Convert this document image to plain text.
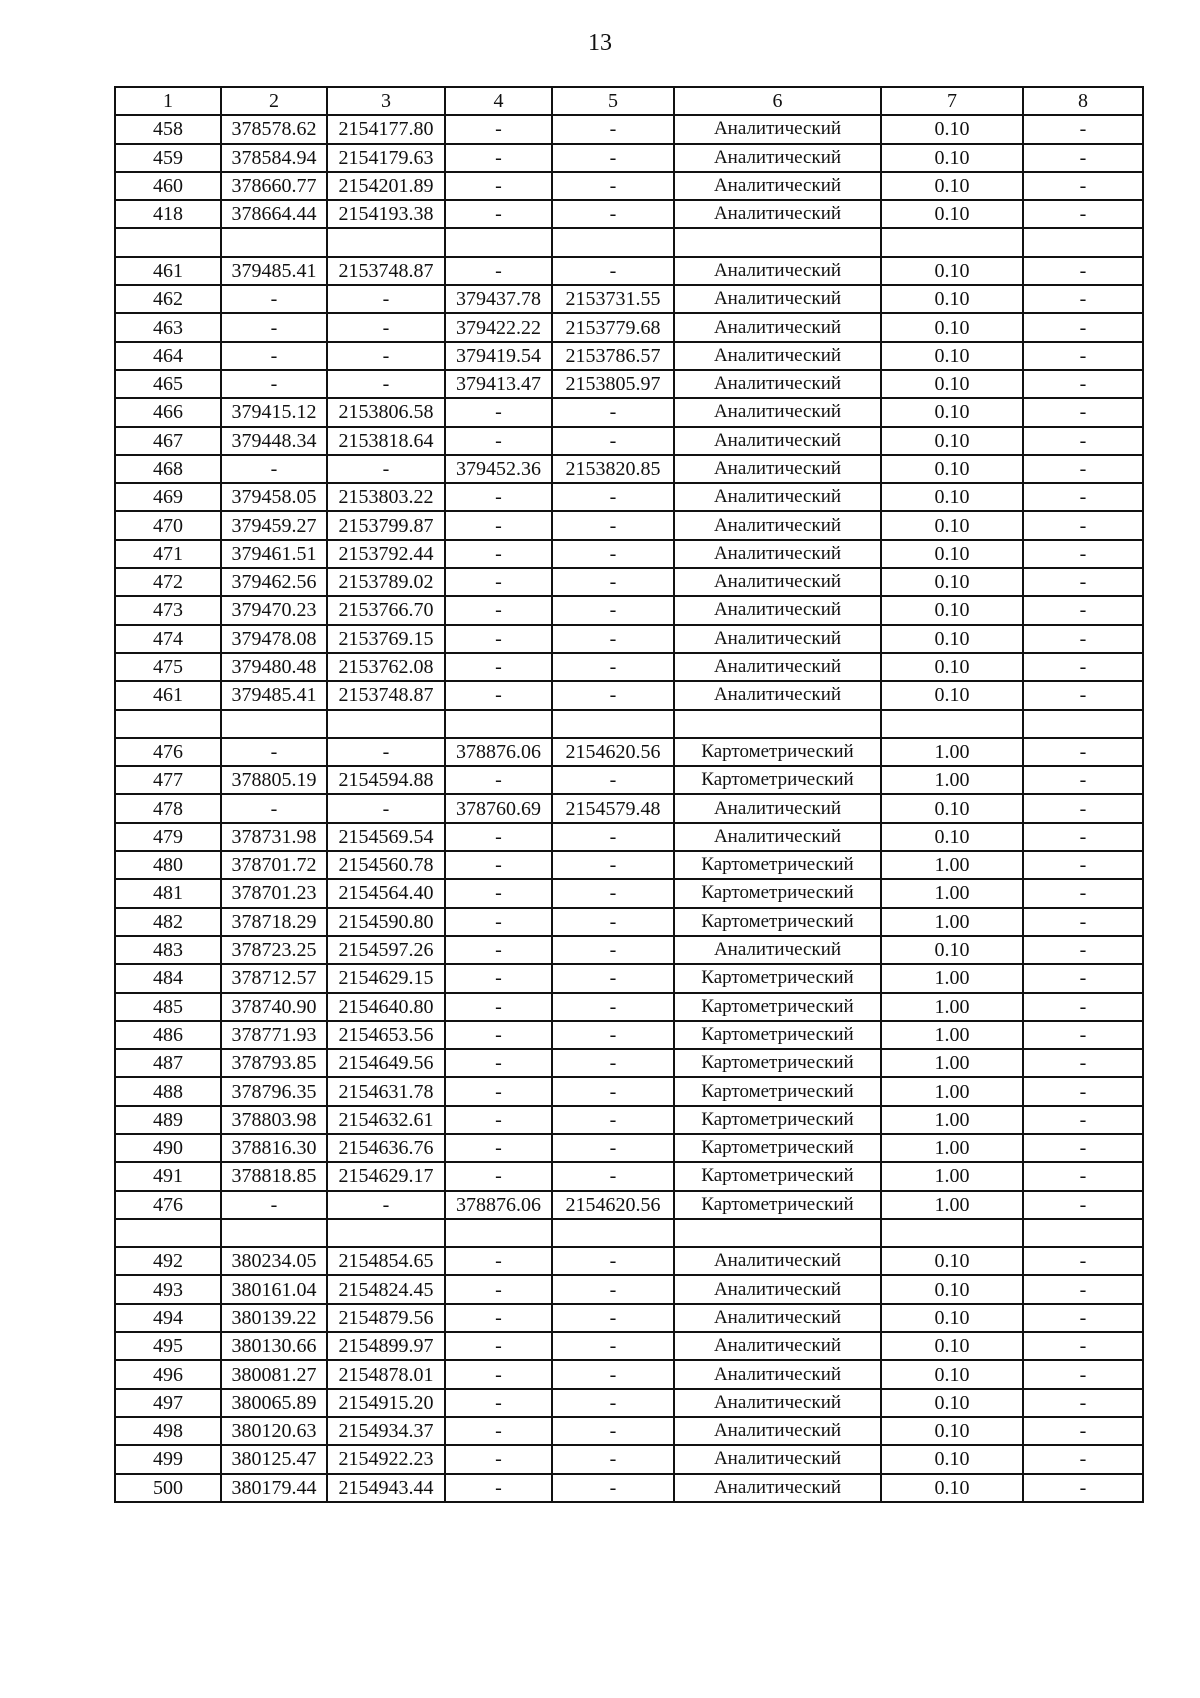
13
1	2	3	4	5	6	7	8
458	378578.62	2154177.80	-	-	Аналитический	0.10	-
459	378584.94	2154179.63	-	-	Аналитический	0.10	-
460	378660.77	2154201.89	-	-	Аналитический	0.10	-
418	378664.44	2154193.38	-	-	Аналитический	0.10	-

461	379485.41	2153748.87	-	-	Аналитический	0.10	-
462	-	-	379437.78	2153731.55	Аналитический	0.10	-
463	-	-	379422.22	2153779.68	Аналитический	0.10	-
464	-	-	379419.54	2153786.57	Аналитический	0.10	-
465	-	-	379413.47	2153805.97	Аналитический	0.10	-
466	379415.12	2153806.58	-	-	Аналитический	0.10	-
467	379448.34	2153818.64	-	-	Аналитический	0.10	-
468	-	-	379452.36	2153820.85	Аналитический	0.10	-
469	379458.05	2153803.22	-	-	Аналитический	0.10	-
470	379459.27	2153799.87	-	-	Аналитический	0.10	-
471	379461.51	2153792.44	-	-	Аналитический	0.10	-
472	379462.56	2153789.02	-	-	Аналитический	0.10	-
473	379470.23	2153766.70	-	-	Аналитический	0.10	-
474	379478.08	2153769.15	-	-	Аналитический	0.10	-
475	379480.48	2153762.08	-	-	Аналитический	0.10	-
461	379485.41	2153748.87	-	-	Аналитический	0.10	-

476	-	-	378876.06	2154620.56	Картометрический	1.00	-
477	378805.19	2154594.88	-	-	Картометрический	1.00	-
478	-	-	378760.69	2154579.48	Аналитический	0.10	-
479	378731.98	2154569.54	-	-	Аналитический	0.10	-
480	378701.72	2154560.78	-	-	Картометрический	1.00	-
481	378701.23	2154564.40	-	-	Картометрический	1.00	-
482	378718.29	2154590.80	-	-	Картометрический	1.00	-
483	378723.25	2154597.26	-	-	Аналитический	0.10	-
484	378712.57	2154629.15	-	-	Картометрический	1.00	-
485	378740.90	2154640.80	-	-	Картометрический	1.00	-
486	378771.93	2154653.56	-	-	Картометрический	1.00	-
487	378793.85	2154649.56	-	-	Картометрический	1.00	-
488	378796.35	2154631.78	-	-	Картометрический	1.00	-
489	378803.98	2154632.61	-	-	Картометрический	1.00	-
490	378816.30	2154636.76	-	-	Картометрический	1.00	-
491	378818.85	2154629.17	-	-	Картометрический	1.00	-
476	-	-	378876.06	2154620.56	Картометрический	1.00	-

492	380234.05	2154854.65	-	-	Аналитический	0.10	-
493	380161.04	2154824.45	-	-	Аналитический	0.10	-
494	380139.22	2154879.56	-	-	Аналитический	0.10	-
495	380130.66	2154899.97	-	-	Аналитический	0.10	-
496	380081.27	2154878.01	-	-	Аналитический	0.10	-
497	380065.89	2154915.20	-	-	Аналитический	0.10	-
498	380120.63	2154934.37	-	-	Аналитический	0.10	-
499	380125.47	2154922.23	-	-	Аналитический	0.10	-
500	380179.44	2154943.44	-	-	Аналитический	0.10	-
